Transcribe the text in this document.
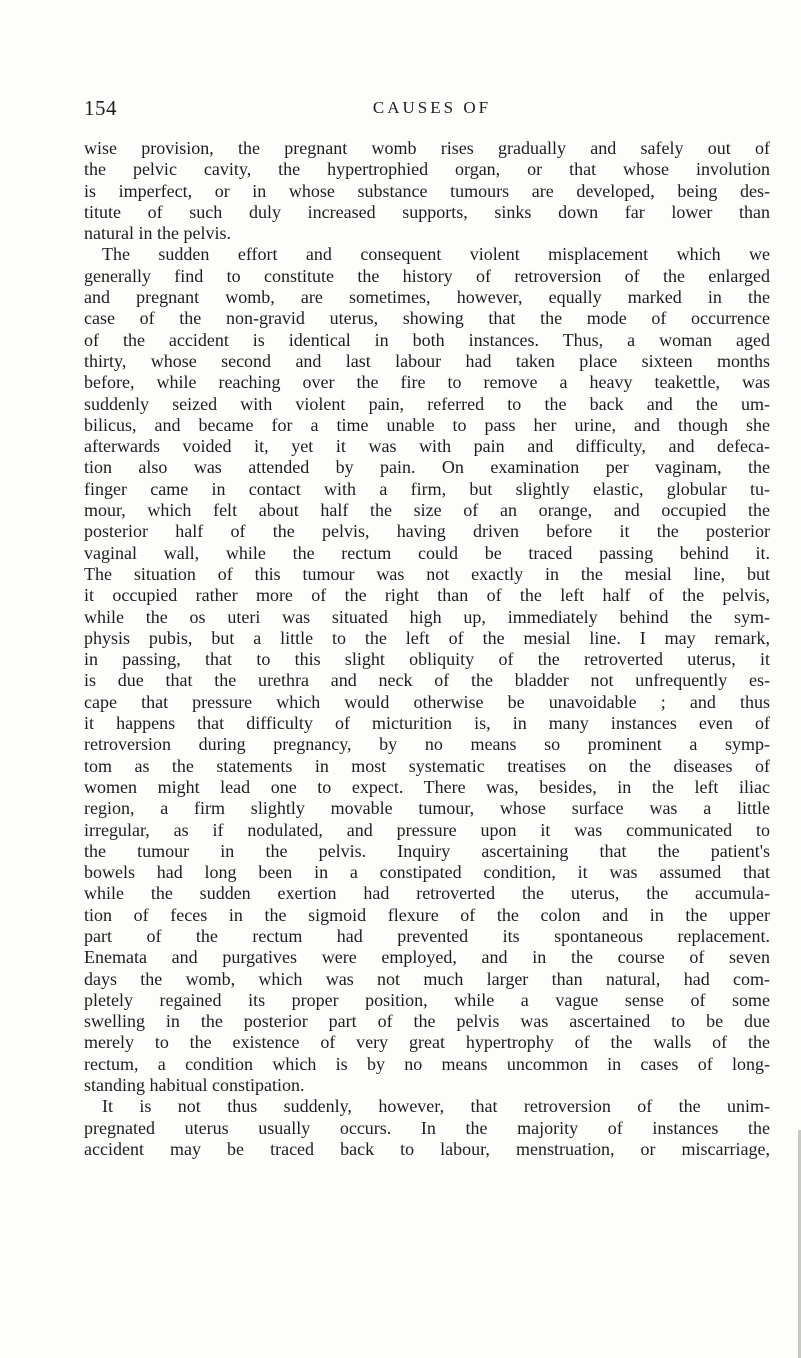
154	CAUSES OF
wise provision, the pregnant womb rises gradually and safely out of
the pelvic cavity, the hypertrophied organ, or that whose involution
is imperfect, or in whose substance tumours are developed, being des-
titute of such duly increased supports, sinks down far lower than
natural in the pelvis.
The sudden effort and consequent violent misplacement which we
generally find to constitute the history of retroversion of the enlarged
and pregnant womb, are sometimes, however, equally marked in the
case of the non-gravid uterus, showing that the mode of occurrence
of the accident is identical in both instances. Thus, a woman aged
thirty, whose second and last labour had taken place sixteen months
before, while reaching over the fire to remove a heavy teakettle, was
suddenly seized with violent pain, referred to the back and the um-
bilicus, and became for a time unable to pass her urine, and though she
afterwards voided it, yet it was with pain and difficulty, and defeca-
tion also was attended by pain. On examination per vaginam, the
finger came in contact with a firm, but slightly elastic, globular tu-
mour, which felt about half the size of an orange, and occupied the
posterior half of the pelvis, having driven before it the posterior
vaginal wall, while the rectum could be traced passing behind it.
The situation of this tumour was not exactly in the mesial line, but
it occupied rather more of the right than of the left half of the pelvis,
while the os uteri was situated high up, immediately behind the sym-
physis pubis, but a little to the left of the mesial line. I may remark,
in passing, that to this slight obliquity of the retroverted uterus, it
is due that the urethra and neck of the bladder not unfrequently es-
cape that pressure which would otherwise be unavoidable ; and thus
it happens that difficulty of micturition is, in many instances even of
retroversion during pregnancy, by no means so prominent a symp-
tom as the statements in most systematic treatises on the diseases of
women might lead one to expect. There was, besides, in the left iliac
region, a firm slightly movable tumour, whose surface was a little
irregular, as if nodulated, and pressure upon it was communicated to
the tumour in the pelvis. Inquiry ascertaining that the patient's
bowels had long been in a constipated condition, it was assumed that
while the sudden exertion had retroverted the uterus, the accumula-
tion of feces in the sigmoid flexure of the colon and in the upper
part of the rectum had prevented its spontaneous replacement.
Enemata and purgatives were employed, and in the course of seven
days the womb, which was not much larger than natural, had com-
pletely regained its proper position, while a vague sense of some
swelling in the posterior part of the pelvis was ascertained to be due
merely to the existence of very great hypertrophy of the walls of the
rectum, a condition which is by no means uncommon in cases of long-
standing habitual constipation.
It is not thus suddenly, however, that retroversion of the unim-
pregnated uterus usually occurs. In the majority of instances the
accident may be traced back to labour, menstruation, or miscarriage,
